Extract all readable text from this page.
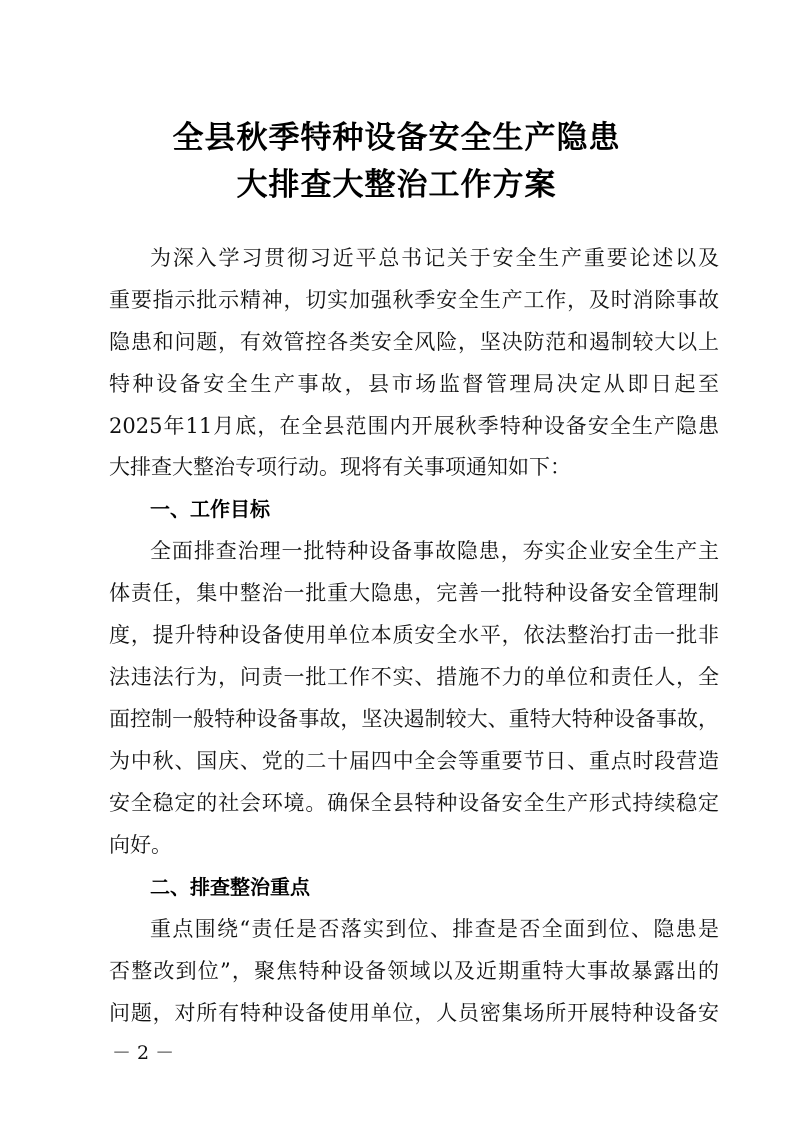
全县秋季特种设备安全生产隐患
大排查大整治工作方案
为深入学习贯彻习近平总书记关于安全生产重要论述以及
重要指示批示精神，切实加强秋季安全生产工作，及时消除事故
隐患和问题，有效管控各类安全风险，坚决防范和遏制较大以上
特种设备安全生产事故，县市场监督管理局决定从即日起至
2025年11月底，在全县范围内开展秋季特种设备安全生产隐患
大排查大整治专项行动。现将有关事项通知如下：
一、工作目标
全面排查治理一批特种设备事故隐患，夯实企业安全生产主
体责任，集中整治一批重大隐患，完善一批特种设备安全管理制
度，提升特种设备使用单位本质安全水平，依法整治打击一批非
法违法行为，问责一批工作不实、措施不力的单位和责任人，全
面控制一般特种设备事故，坚决遏制较大、重特大特种设备事故，
为中秋、国庆、党的二十届四中全会等重要节日、重点时段营造
安全稳定的社会环境。确保全县特种设备安全生产形式持续稳定
向好。
二、排查整治重点
重点围绕“责任是否落实到位、排查是否全面到位、隐患是
否整改到位”，聚焦特种设备领域以及近期重特大事故暴露出的
问题，对所有特种设备使用单位，人员密集场所开展特种设备安
－ 2 －
